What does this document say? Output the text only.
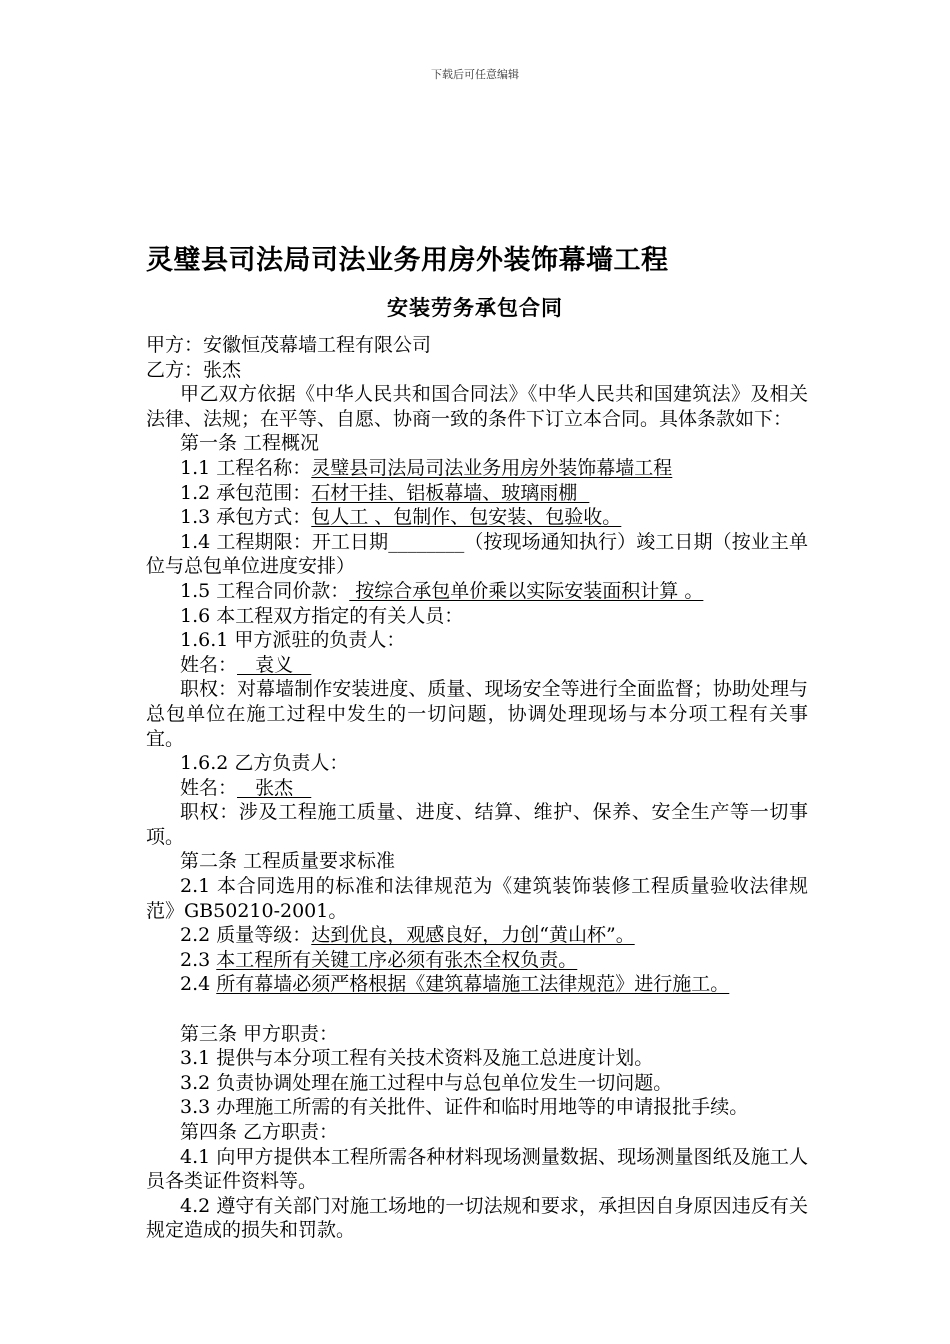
下载后可任意编辑
灵璧县司法局司法业务用房外装饰幕墙工程
安装劳务承包合同

甲方：安徽恒茂幕墙工程有限公司

乙方：张杰

甲乙双方依据《中华人民共和国合同法》《中华人民共和国建筑法》及相关法律、法规；在平等、自愿、协商一致的条件下订立本合同。具体条款如下：

第一条 工程概况

1.1 工程名称：灵璧县司法局司法业务用房外装饰幕墙工程

1.2 承包范围：石材干挂、铝板幕墙、玻璃雨棚

1.3 承包方式：包人工 、包制作、包安装、包验收。

1.4 工程期限：开工日期________（按现场通知执行）竣工日期（按业主单位与总包单位进度安排）

1.5 工程合同价款： 按综合承包单价乘以实际安装面积计算 。

1.6 本工程双方指定的有关人员：

1.6.1 甲方派驻的负责人：

姓名：   袁义

职权：对幕墙制作安装进度、质量、现场安全等进行全面监督；协助处理与总包单位在施工过程中发生的一切问题，协调处理现场与本分项工程有关事宜。

1.6.2 乙方负责人：

姓名：   张杰

职权：涉及工程施工质量、进度、结算、维护、保养、安全生产等一切事项。

第二条 工程质量要求标准

2.1 本合同选用的标准和法律规范为《建筑装饰装修工程质量验收法律规范》GB50210-2001。

2.2 质量等级：达到优良，观感良好，力创“黄山杯”。

2.3 本工程所有关键工序必须有张杰全权负责。

2.4 所有幕墙必须严格根据《建筑幕墙施工法律规范》进行施工。

第三条 甲方职责：

3.1 提供与本分项工程有关技术资料及施工总进度计划。

3.2 负责协调处理在施工过程中与总包单位发生一切问题。

3.3 办理施工所需的有关批件、证件和临时用地等的申请报批手续。

第四条 乙方职责：

4.1 向甲方提供本工程所需各种材料现场测量数据、现场测量图纸及施工人员各类证件资料等。

4.2 遵守有关部门对施工场地的一切法规和要求，承担因自身原因违反有关规定造成的损失和罚款。
